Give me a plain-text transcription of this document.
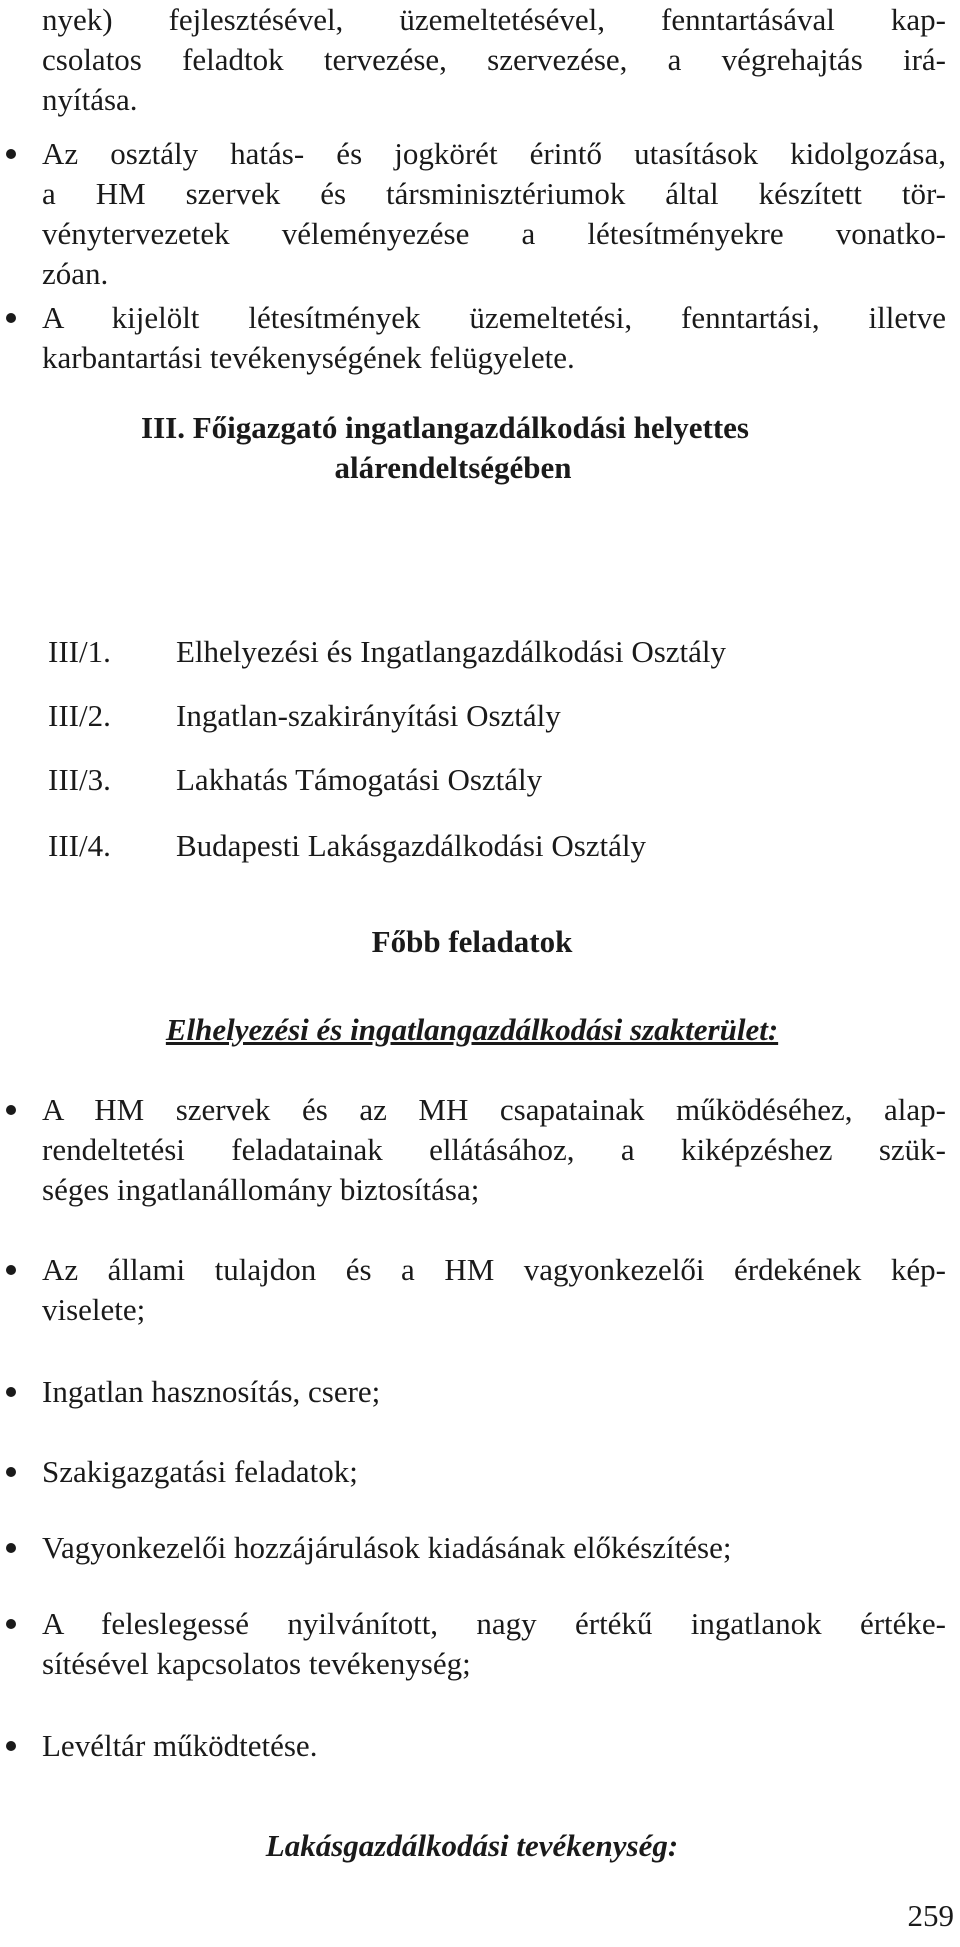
nyek) fejlesztésével, üzemeltetésével, fenntartásával kap-
csolatos feladtok tervezése, szervezése, a végrehajtás irá-
nyítása.
Az osztály hatás- és jogkörét érintő utasítások kidolgozása,
a HM szervek és társminisztériumok által készített tör-
vénytervezetek véleményezése a létesítményekre vonatko-
zóan.
A kijelölt létesítmények üzemeltetési, fenntartási, illetve
karbantartási tevékenységének felügyelete.
III. Főigazgató ingatlangazdálkodási helyettes
alárendeltségében
III/1. Elhelyezési és Ingatlangazdálkodási Osztály
III/2. Ingatlan-szakirányítási Osztály
III/3. Lakhatás Támogatási Osztály
III/4. Budapesti Lakásgazdálkodási Osztály
Főbb feladatok
Elhelyezési és ingatlangazdálkodási szakterület:
A HM szervek és az MH csapatainak működéséhez, alap-
rendeltetési feladatainak ellátásához, a kiképzéshez szük-
séges ingatlanállomány biztosítása;
Az állami tulajdon és a HM vagyonkezelői érdekének kép-
viselete;
Ingatlan hasznosítás, csere;
Szakigazgatási feladatok;
Vagyonkezelői hozzájárulások kiadásának előkészítése;
A feleslegessé nyilvánított, nagy értékű ingatlanok értéke-
sítésével kapcsolatos tevékenység;
Levéltár működtetése.
Lakásgazdálkodási tevékenység:
259
